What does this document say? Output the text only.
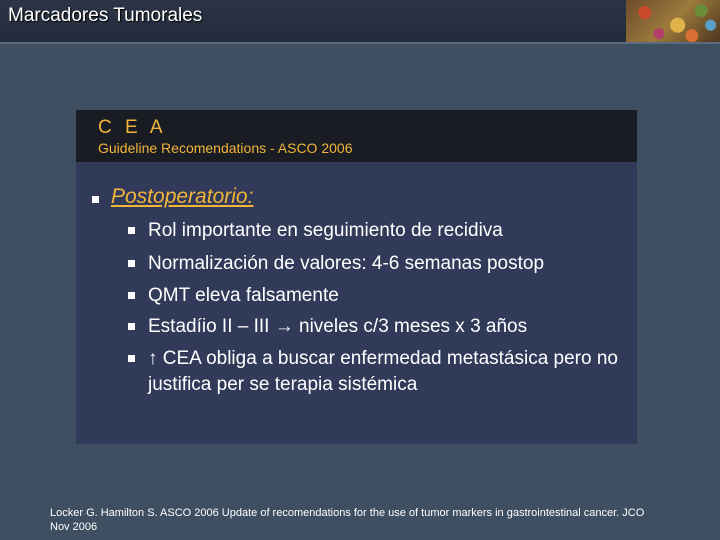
Marcadores Tumorales
C E A
Guideline Recomendations - ASCO 2006
Postoperatorio:
Rol importante en seguimiento de recidiva
Normalización de valores: 4-6 semanas postop
QMT eleva falsamente
Estadíio II – III → niveles c/3 meses x 3 años
↑ CEA obliga a buscar enfermedad metastásica pero no justifica per se terapia sistémica
Locker G. Hamilton S. ASCO 2006 Update of recomendations for the use of tumor markers in gastrointestinal cancer. JCO Nov 2006
